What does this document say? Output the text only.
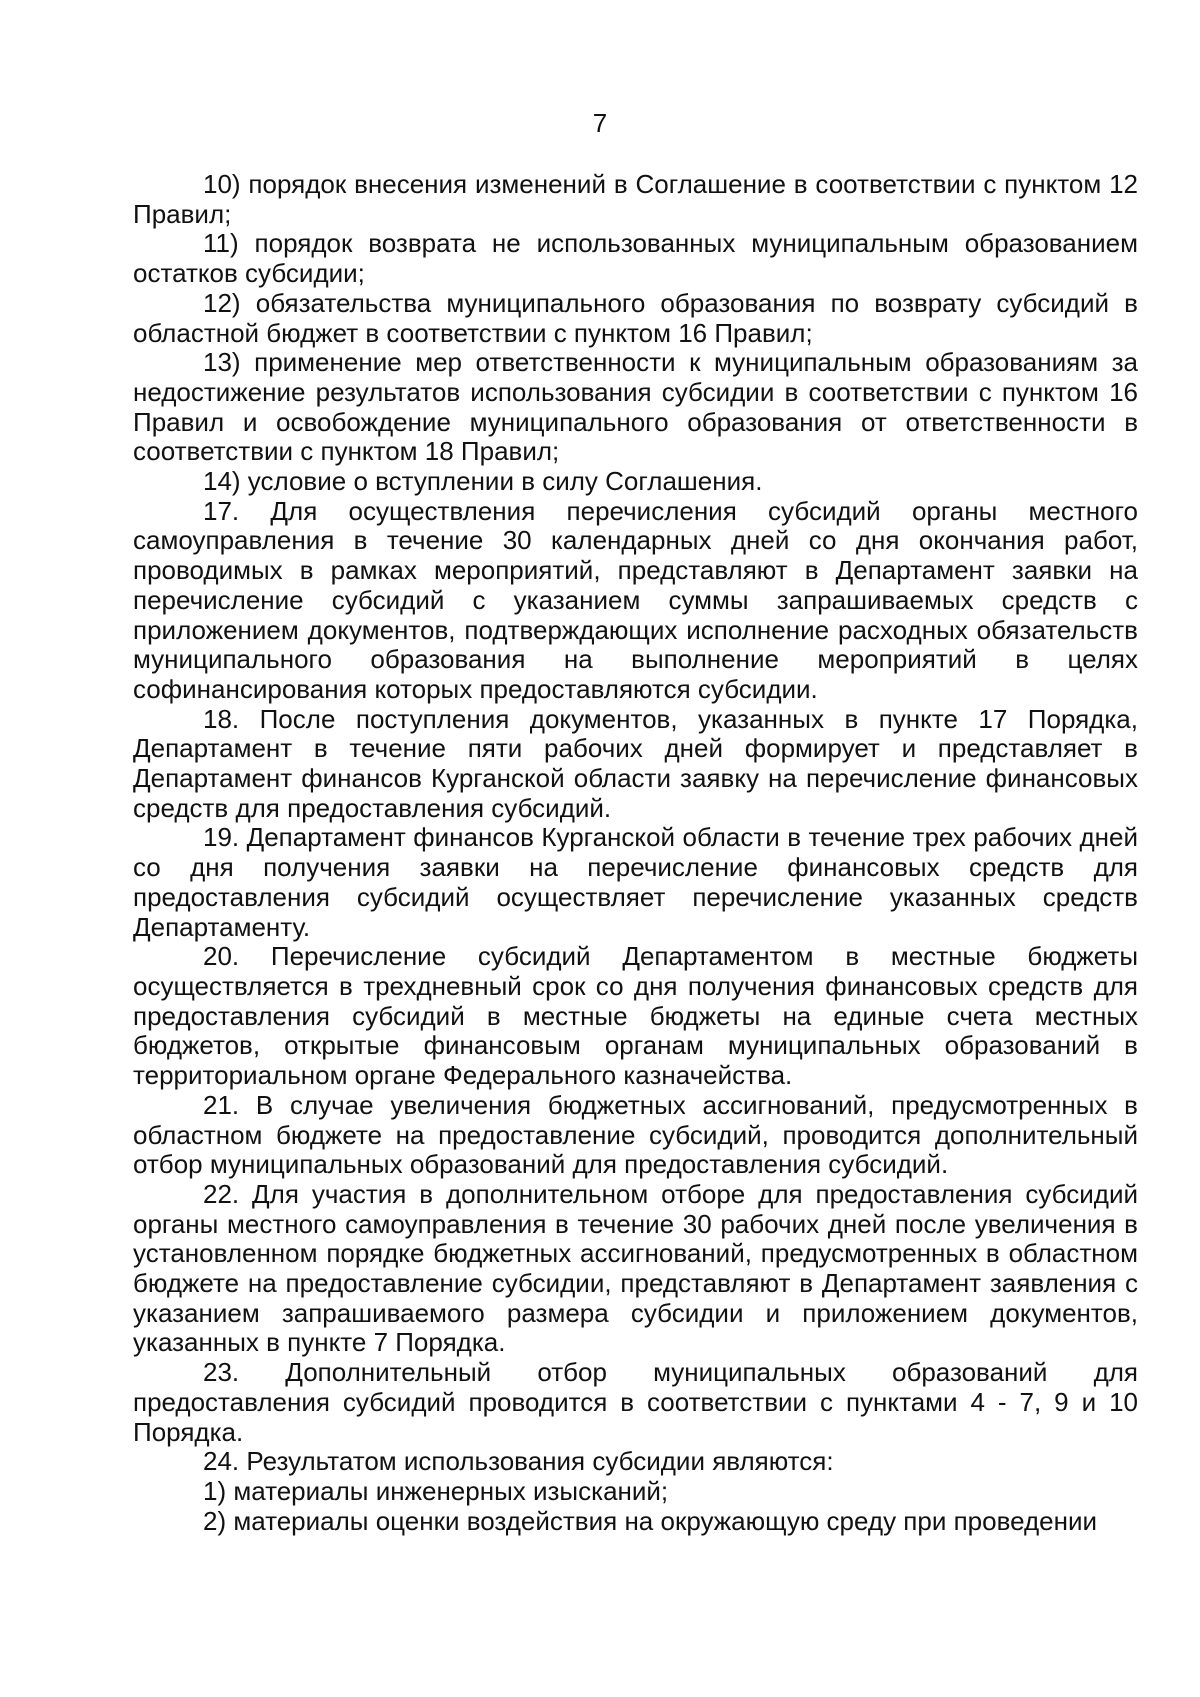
7

10) порядок внесения изменений в Соглашение в соответствии с пунктом 12 Правил;

11) порядок возврата не использованных муниципальным образованием остатков субсидии;

12) обязательства муниципального образования по возврату субсидий в областной бюджет в соответствии с пунктом 16 Правил;

13) применение мер ответственности к муниципальным образованиям за недостижение результатов использования субсидии в соответствии с пунктом 16 Правил и освобождение муниципального образования от ответственности в соответствии с пунктом 18 Правил;

14) условие о вступлении в силу Соглашения.

17. Для осуществления перечисления субсидий органы местного самоуправления в течение 30 календарных дней со дня окончания работ, проводимых в рамках мероприятий, представляют в Департамент заявки на перечисление субсидий с указанием суммы запрашиваемых средств с приложением документов, подтверждающих исполнение расходных обязательств муниципального образования на выполнение мероприятий в целях софинансирования которых предоставляются субсидии.

18. После поступления документов, указанных в пункте 17 Порядка, Департамент в течение пяти рабочих дней формирует и представляет в Департамент финансов Курганской области заявку на перечисление финансовых средств для предоставления субсидий.

19. Департамент финансов Курганской области в течение трех рабочих дней со дня получения заявки на перечисление финансовых средств для предоставления субсидий осуществляет перечисление указанных средств Департаменту.

20. Перечисление субсидий Департаментом в местные бюджеты осуществляется в трехдневный срок со дня получения финансовых средств для предоставления субсидий в местные бюджеты на единые счета местных бюджетов, открытые финансовым органам муниципальных образований в территориальном органе Федерального казначейства.

21. В случае увеличения бюджетных ассигнований, предусмотренных в областном бюджете на предоставление субсидий, проводится дополнительный отбор муниципальных образований для предоставления субсидий.

22. Для участия в дополнительном отборе для предоставления субсидий органы местного самоуправления в течение 30 рабочих дней после увеличения в установленном порядке бюджетных ассигнований, предусмотренных в областном бюджете на предоставление субсидии, представляют в Департамент заявления с указанием запрашиваемого размера субсидии и приложением документов, указанных в пункте 7 Порядка.

23. Дополнительный отбор муниципальных образований для предоставления субсидий проводится в соответствии с пунктами 4 - 7, 9 и 10 Порядка.

24. Результатом использования субсидии являются:

1) материалы инженерных изысканий;

2) материалы оценки воздействия на окружающую среду при проведении
